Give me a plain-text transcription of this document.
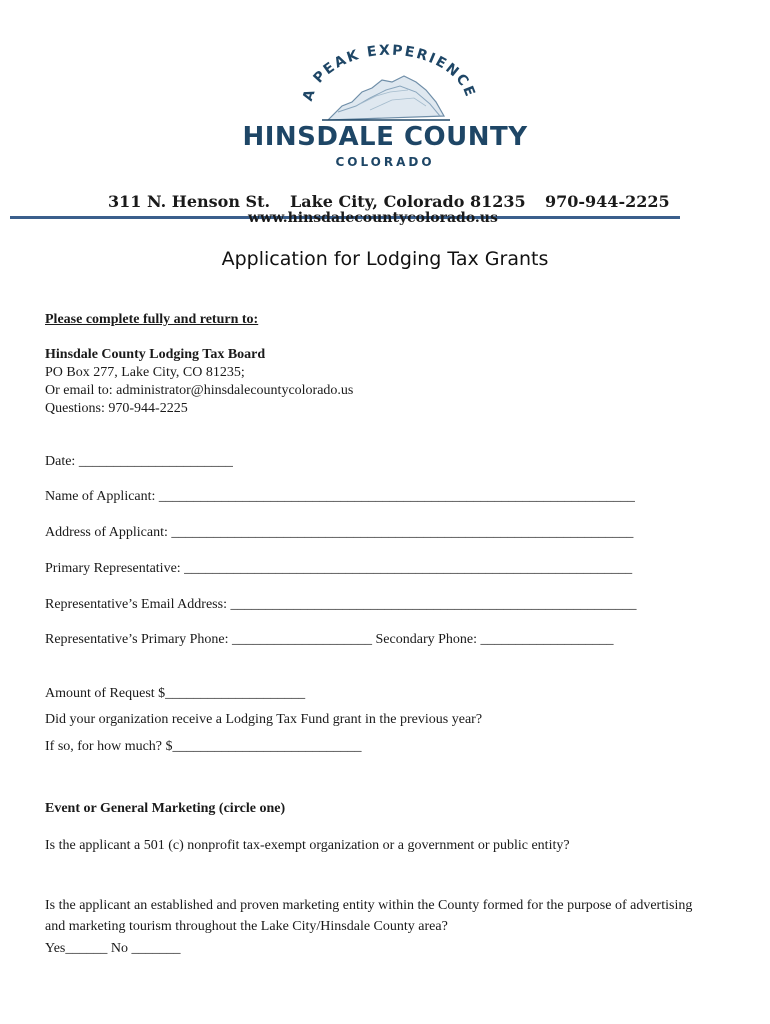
A PEAK EXPERIENCE
HINSDALE COUNTY
COLORADO
311 N. Henson St. Lake City, Colorado 81235 970-944-2225
www.hinsdalecountycolorado.us
Application for Lodging Tax Grants
Please complete fully and return to:
Hinsdale County Lodging Tax Board
PO Box 277, Lake City, CO 81235;
Or email to: administrator@hinsdalecountycolorado.us
Questions: 970-944-2225
Date: ______________________
Name of Applicant: ____________________________________________________________________
Address of Applicant: __________________________________________________________________
Primary Representative: ________________________________________________________________
Representative’s Email Address: __________________________________________________________
Representative’s Primary Phone: ____________________ Secondary Phone: ___________________
Amount of Request $____________________
Did your organization receive a Lodging Tax Fund grant in the previous year?
If so, for how much? $___________________________
Event or General Marketing (circle one)
Is the applicant a 501 (c) nonprofit tax-exempt organization or a government or public entity?
Is the applicant an established and proven marketing entity within the County formed for the purpose of advertising and marketing tourism throughout the Lake City/Hinsdale County area?
Yes______ No _______
